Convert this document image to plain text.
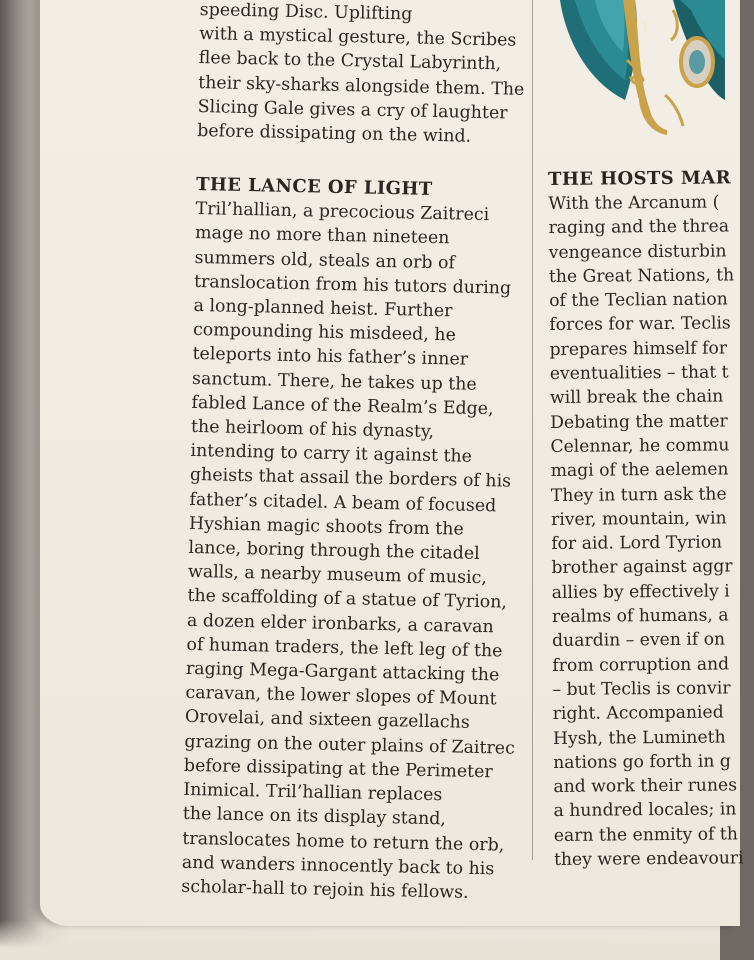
speeding Disc. Uplifting
with a mystical gesture, the Scribes
flee back to the Crystal Labyrinth,
their sky-sharks alongside them. The
Slicing Gale gives a cry of laughter
before dissipating on the wind.
THE LANCE OF LIGHT
Tril’hallian, a precocious Zaitreci
mage no more than nineteen
summers old, steals an orb of
translocation from his tutors during
a long-planned heist. Further
compounding his misdeed, he
teleports into his father’s inner
sanctum. There, he takes up the
fabled Lance of the Realm’s Edge,
the heirloom of his dynasty,
intending to carry it against the
gheists that assail the borders of his
father’s citadel. A beam of focused
Hyshian magic shoots from the
lance, boring through the citadel
walls, a nearby museum of music,
the scaffolding of a statue of Tyrion,
a dozen elder ironbarks, a caravan
of human traders, the left leg of the
raging Mega-Gargant attacking the
caravan, the lower slopes of Mount
Orovelai, and sixteen gazellachs
grazing on the outer plains of Zaitrec
before dissipating at the Perimeter
Inimical. Tril’hallian replaces
the lance on its display stand,
translocates home to return the orb,
and wanders innocently back to his
scholar-hall to rejoin his fellows.
THE HOSTS MAR
With the Arcanum (
raging and the threa
vengeance disturbin
the Great Nations, th
of the Teclian nation
forces for war. Teclis
prepares himself for
eventualities – that t
will break the chain
Debating the matter
Celennar, he commu
magi of the aelemen
They in turn ask the
river, mountain, win
for aid. Lord Tyrion
brother against aggr
allies by effectively i
realms of humans, a
duardin – even if on
from corruption and
– but Teclis is convir
right. Accompanied
Hysh, the Lumineth
nations go forth in g
and work their runes
a hundred locales; in
earn the enmity of th
they were endeavouri
